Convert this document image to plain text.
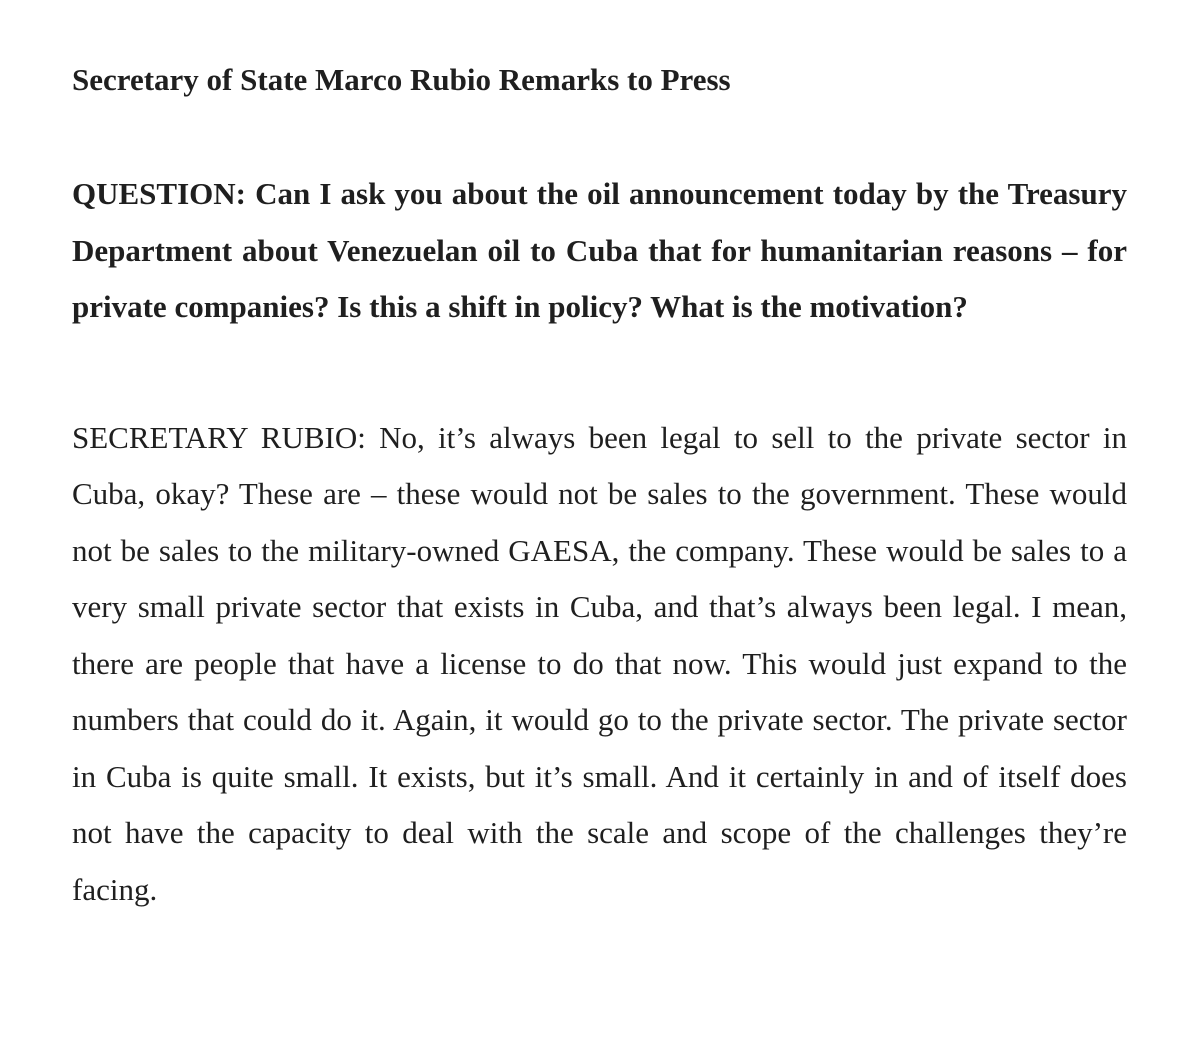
Secretary of State Marco Rubio Remarks to Press

QUESTION: Can I ask you about the oil announcement today by the Treasury Department about Venezuelan oil to Cuba that for humanitarian reasons – for private companies? Is this a shift in policy? What is the motivation?

SECRETARY RUBIO: No, it’s always been legal to sell to the private sector in Cuba, okay? These are – these would not be sales to the government. These would not be sales to the military-owned GAESA, the company. These would be sales to a very small private sector that exists in Cuba, and that’s always been legal. I mean, there are people that have a license to do that now. This would just expand to the numbers that could do it. Again, it would go to the private sector. The private sector in Cuba is quite small. It exists, but it’s small. And it certainly in and of itself does not have the capacity to deal with the scale and scope of the challenges they’re facing.
